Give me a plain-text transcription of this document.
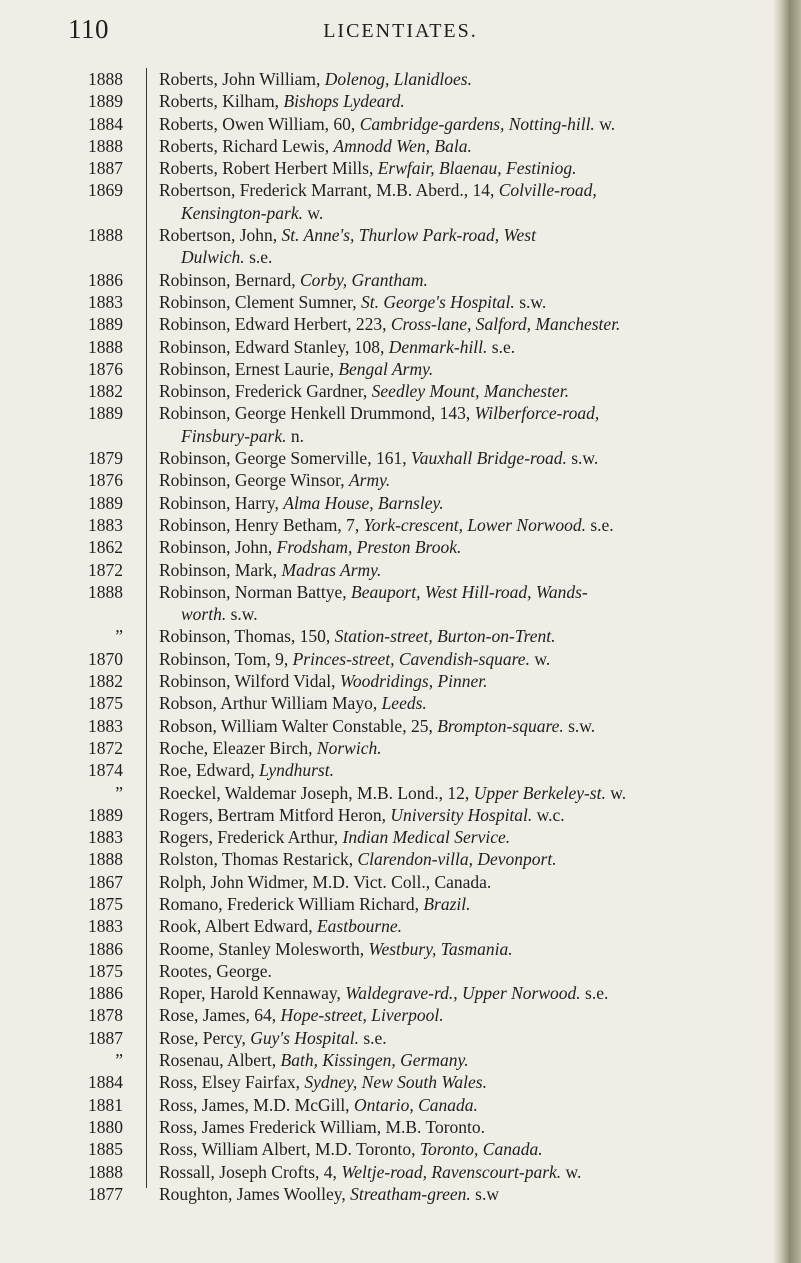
110	LICENTIATES.
1888 Roberts, John William, Dolenog, Llanidloes.
1889 Roberts, Kilham, Bishops Lydeard.
1884 Roberts, Owen William, 60, Cambridge-gardens, Notting-hill. w.
1888 Roberts, Richard Lewis, Amnodd Wen, Bala.
1887 Roberts, Robert Herbert Mills, Erwfair, Blaenau, Festiniog.
1869 Robertson, Frederick Marrant, M.B. Aberd., 14, Colville-road,
Kensington-park. w.
1888 Robertson, John, St. Anne's, Thurlow Park-road, West
Dulwich. s.e.
1886 Robinson, Bernard, Corby, Grantham.
1883 Robinson, Clement Sumner, St. George's Hospital. s.w.
1889 Robinson, Edward Herbert, 223, Cross-lane, Salford, Manchester.
1888 Robinson, Edward Stanley, 108, Denmark-hill. s.e.
1876 Robinson, Ernest Laurie, Bengal Army.
1882 Robinson, Frederick Gardner, Seedley Mount, Manchester.
1889 Robinson, George Henkell Drummond, 143, Wilberforce-road,
Finsbury-park. n.
1879 Robinson, George Somerville, 161, Vauxhall Bridge-road. s.w.
1876 Robinson, George Winsor, Army.
1889 Robinson, Harry, Alma House, Barnsley.
1883 Robinson, Henry Betham, 7, York-crescent, Lower Norwood. s.e.
1862 Robinson, John, Frodsham, Preston Brook.
1872 Robinson, Mark, Madras Army.
1888 Robinson, Norman Battye, Beauport, West Hill-road, Wands-
worth. s.w.
” Robinson, Thomas, 150, Station-street, Burton-on-Trent.
1870 Robinson, Tom, 9, Princes-street, Cavendish-square. w.
1882 Robinson, Wilford Vidal, Woodridings, Pinner.
1875 Robson, Arthur William Mayo, Leeds.
1883 Robson, William Walter Constable, 25, Brompton-square. s.w.
1872 Roche, Eleazer Birch, Norwich.
1874 Roe, Edward, Lyndhurst.
” Roeckel, Waldemar Joseph, M.B. Lond., 12, Upper Berkeley-st. w.
1889 Rogers, Bertram Mitford Heron, University Hospital. w.c.
1883 Rogers, Frederick Arthur, Indian Medical Service.
1888 Rolston, Thomas Restarick, Clarendon-villa, Devonport.
1867 Rolph, John Widmer, M.D. Vict. Coll., Canada.
1875 Romano, Frederick William Richard, Brazil.
1883 Rook, Albert Edward, Eastbourne.
1886 Roome, Stanley Molesworth, Westbury, Tasmania.
1875 Rootes, George.
1886 Roper, Harold Kennaway, Waldegrave-rd., Upper Norwood. s.e.
1878 Rose, James, 64, Hope-street, Liverpool.
1887 Rose, Percy, Guy's Hospital. s.e.
” Rosenau, Albert, Bath, Kissingen, Germany.
1884 Ross, Elsey Fairfax, Sydney, New South Wales.
1881 Ross, James, M.D. McGill, Ontario, Canada.
1880 Ross, James Frederick William, M.B. Toronto.
1885 Ross, William Albert, M.D. Toronto, Toronto, Canada.
1888 Rossall, Joseph Crofts, 4, Weltje-road, Ravenscourt-park. w.
1877 Roughton, James Woolley, Streatham-green. s.w
